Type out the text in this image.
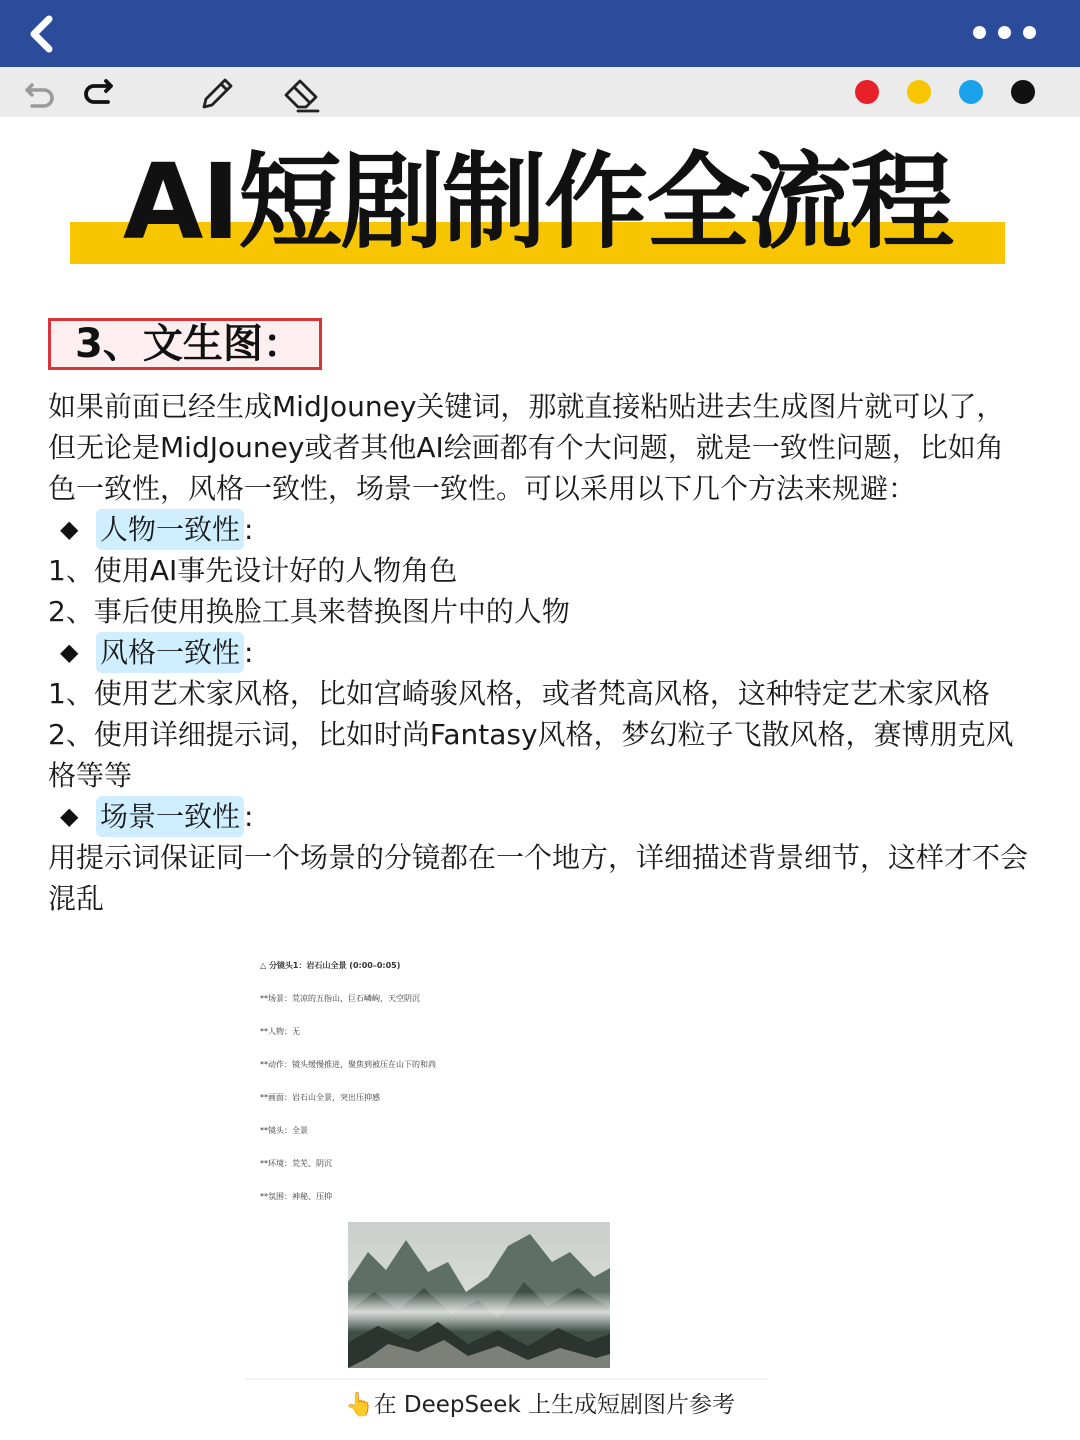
AI短剧制作全流程
3、文生图：

如果前面已经生成MidJouney关键词，那就直接粘贴进去生成图片就可以了，但无论是MidJouney或者其他AI绘画都有个大问题，就是一致性问题，比如角色一致性，风格一致性，场景一致性。可以采用以下几个方法来规避：

◆ 人物一致性 :

1、使用AI事先设计好的人物角色

2、事后使用换脸工具来替换图片中的人物

◆ 风格一致性 :

1、使用艺术家风格，比如宫崎骏风格，或者梵高风格，这种特定艺术家风格

2、使用详细提示词，比如时尚Fantasy风格，梦幻粒子飞散风格，赛博朋克风格等等

◆ 场景一致性 :

用提示词保证同一个场景的分镜都在一个地方，详细描述背景细节，这样才不会混乱

△ 分镜头1：岩石山全景 (0:00–0:05)
**场景：荒凉的五指山，巨石嶙峋，天空阴沉
**人物：无
**动作：镜头缓慢推进，聚焦到被压在山下的和尚
**画面：岩石山全景，突出压抑感
**镜头：全景
**环境：荒芜、阴沉
**氛围：神秘、压抑
👆在 DeepSeek 上生成短剧图片参考
